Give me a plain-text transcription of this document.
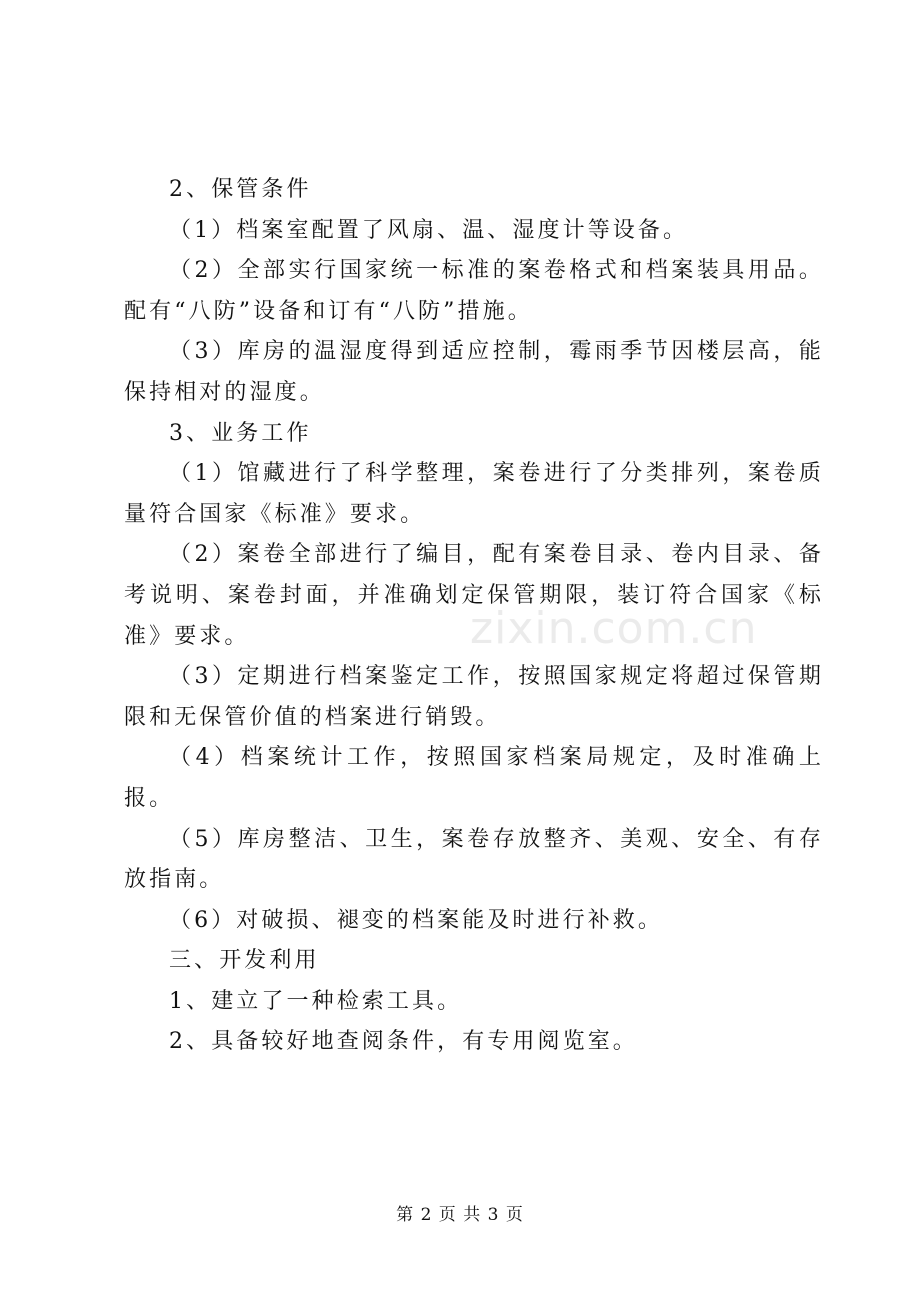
zixin.com.cn

2、保管条件

（1）档案室配置了风扇、温、湿度计等设备。

（2）全部实行国家统一标准的案卷格式和档案装具用品。配有“八防”设备和订有“八防”措施。

（3）库房的温湿度得到适应控制，霉雨季节因楼层高，能保持相对的湿度。

3、业务工作

（1）馆藏进行了科学整理，案卷进行了分类排列，案卷质量符合国家《标准》要求。

（2）案卷全部进行了编目，配有案卷目录、卷内目录、备考说明、案卷封面，并准确划定保管期限，装订符合国家《标准》要求。

（3）定期进行档案鉴定工作，按照国家规定将超过保管期限和无保管价值的档案进行销毁。

（4）档案统计工作，按照国家档案局规定，及时准确上报。

（5）库房整洁、卫生，案卷存放整齐、美观、安全、有存放指南。

（6）对破损、褪变的档案能及时进行补救。

三、开发利用

1、建立了一种检索工具。

2、具备较好地查阅条件，有专用阅览室。

第 2 页 共 3 页
